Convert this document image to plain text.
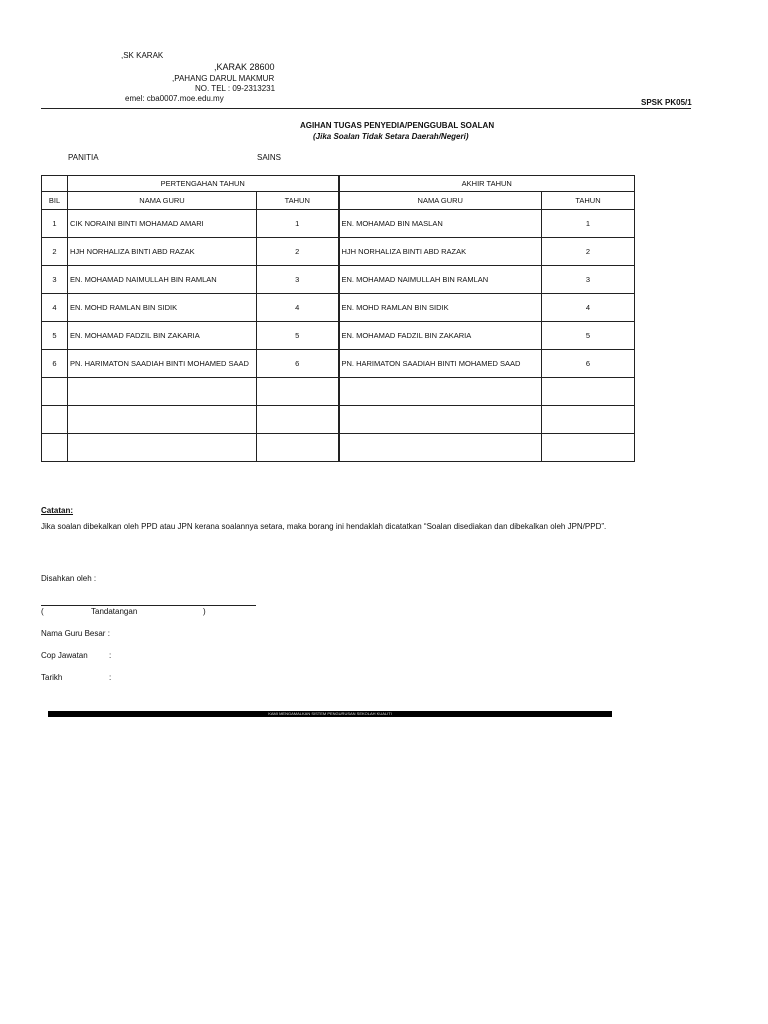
,SK KARAK
,KARAK 28600
,PAHANG DARUL MAKMUR
NO. TEL : 09-2313231
emel: cba0007.moe.edu.my	SPSK PK05/1
AGIHAN TUGAS PENYEDIA/PENGGUBAL SOALAN
(Jika Soalan Tidak Setara Daerah/Negeri)
PANITIA	SAINS
	PERTENGAHAN TAHUN		AKHIR TAHUN	
BIL	NAMA GURU	TAHUN	NAMA GURU	TAHUN
1	CIK NORAINI BINTI MOHAMAD AMARI	1	EN. MOHAMAD BIN MASLAN	1
2	HJH NORHALIZA BINTI ABD RAZAK	2	HJH NORHALIZA BINTI ABD RAZAK	2
3	EN. MOHAMAD NAIMULLAH BIN RAMLAN	3	EN. MOHAMAD NAIMULLAH BIN RAMLAN	3
4	EN. MOHD RAMLAN BIN SIDIK	4	EN. MOHD RAMLAN BIN SIDIK	4
5	EN. MOHAMAD FADZIL BIN ZAKARIA	5	EN. MOHAMAD FADZIL BIN ZAKARIA	5
6	PN. HARIMATON SAADIAH BINTI MOHAMED SAAD	6	PN. HARIMATON SAADIAH BINTI MOHAMED SAAD	6

Catatan:
Jika soalan dibekalkan oleh PPD atau JPN kerana soalannya setara, maka borang ini hendaklah dicatatkan “Soalan disediakan dan dibekalkan oleh JPN/PPD”.
Disahkan oleh :
(	Tandatangan	)
Nama Guru Besar :
Cop Jawatan	:
Tarikh	:
KAMI MENGAMALKAN SISTEM PENGURUSAN SEKOLAH KUALITI
